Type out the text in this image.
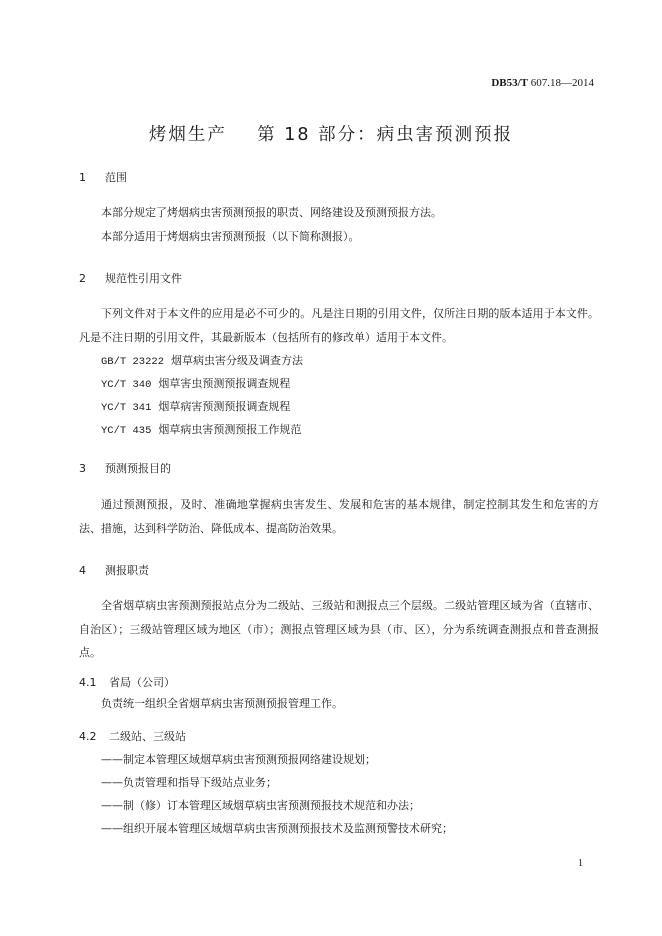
DB53/T 607.18—2014
烤烟生产    第 18 部分：病虫害预测预报
1 范围

本部分规定了烤烟病虫害预测预报的职责、网络建设及预测预报方法。

本部分适用于烤烟病虫害预测预报（以下简称测报）。

2 规范性引用文件

下列文件对于本文件的应用是必不可少的。凡是注日期的引用文件，仅所注日期的版本适用于本文件。凡是不注日期的引用文件，其最新版本（包括所有的修改单）适用于本文件。

GB/T 23222 烟草病虫害分级及调查方法
YC/T 340 烟草害虫预测预报调查规程
YC/T 341 烟草病害预测预报调查规程
YC/T 435 烟草病虫害预测预报工作规范
3 预测预报目的

通过预测预报，及时、准确地掌握病虫害发生、发展和危害的基本规律，制定控制其发生和危害的方法、措施，达到科学防治、降低成本、提高防治效果。

4 测报职责

全省烟草病虫害预测预报站点分为二级站、三级站和测报点三个层级。二级站管理区域为省（直辖市、自治区）；三级站管理区域为地区（市）；测报点管理区域为县（市、区），分为系统调查测报点和普查测报点。

4.1 省局（公司）

负责统一组织全省烟草病虫害预测预报管理工作。

4.2 二级站、三级站
——制定本管理区域烟草病虫害预测预报网络建设规划；
——负责管理和指导下级站点业务；
——制（修）订本管理区域烟草病虫害预测预报技术规范和办法；
——组织开展本管理区域烟草病虫害预测预报技术及监测预警技术研究；
1
